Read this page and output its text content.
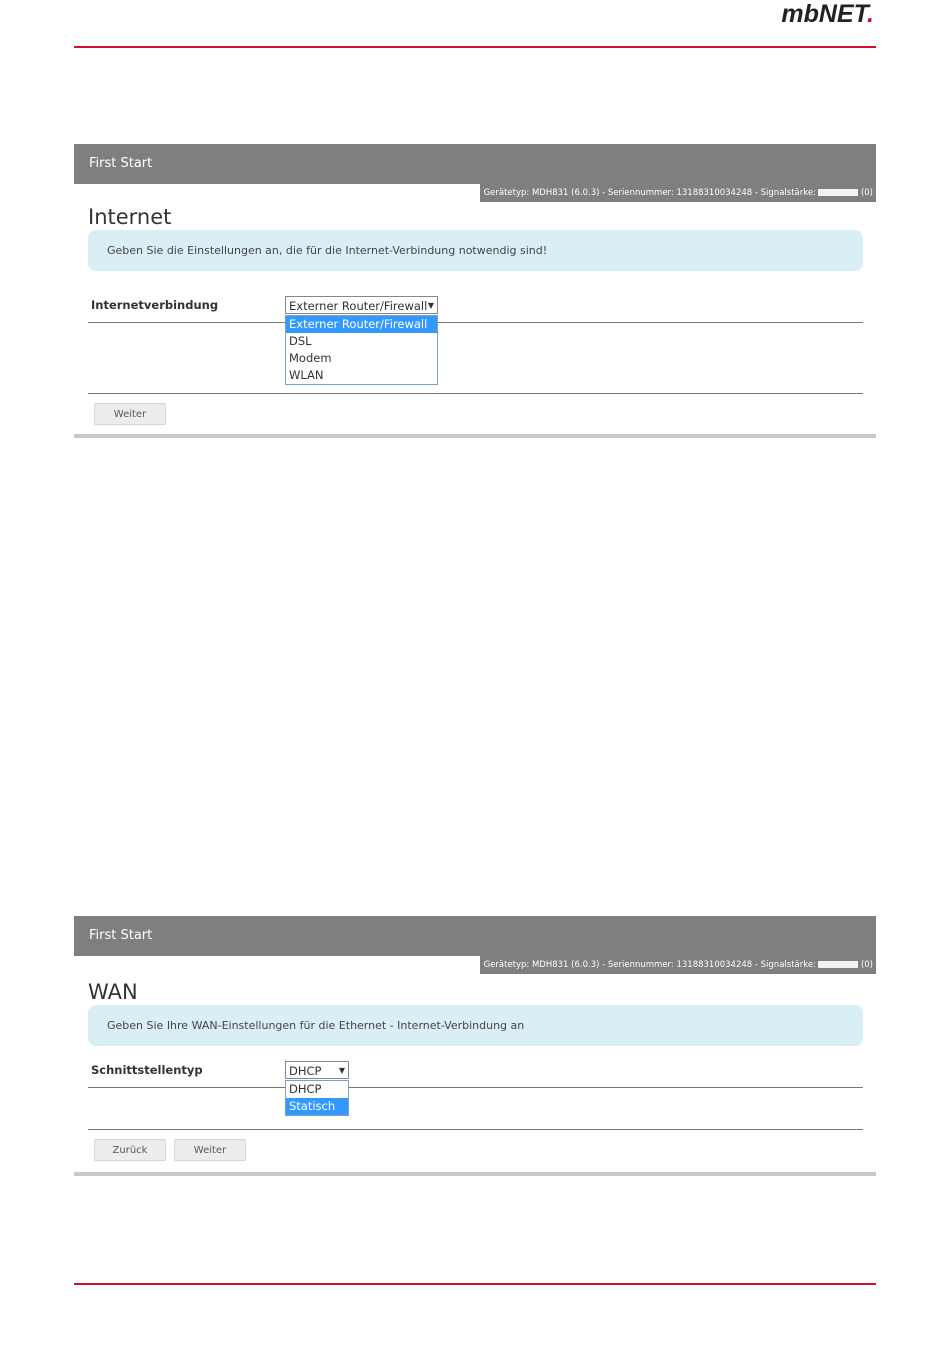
mbNET.
First Start
Gerätetyp: MDH831 (6.0.3) - Seriennummer: 13188310034248 - Signalstärke:	(0)
Internet
Geben Sie die Einstellungen an, die für die Internet-Verbindung notwendig sind!
Internetverbindung	Externer Router/Firewall ▼
Externer Router/Firewall
DSL
Modem
WLAN
Weiter
First Start
Gerätetyp: MDH831 (6.0.3) - Seriennummer: 13188310034248 - Signalstärke:	(0)
WAN
Geben Sie Ihre WAN-Einstellungen für die Ethernet - Internet-Verbindung an
Schnittstellentyp	DHCP ▼
DHCP
Statisch
Zurück	Weiter
